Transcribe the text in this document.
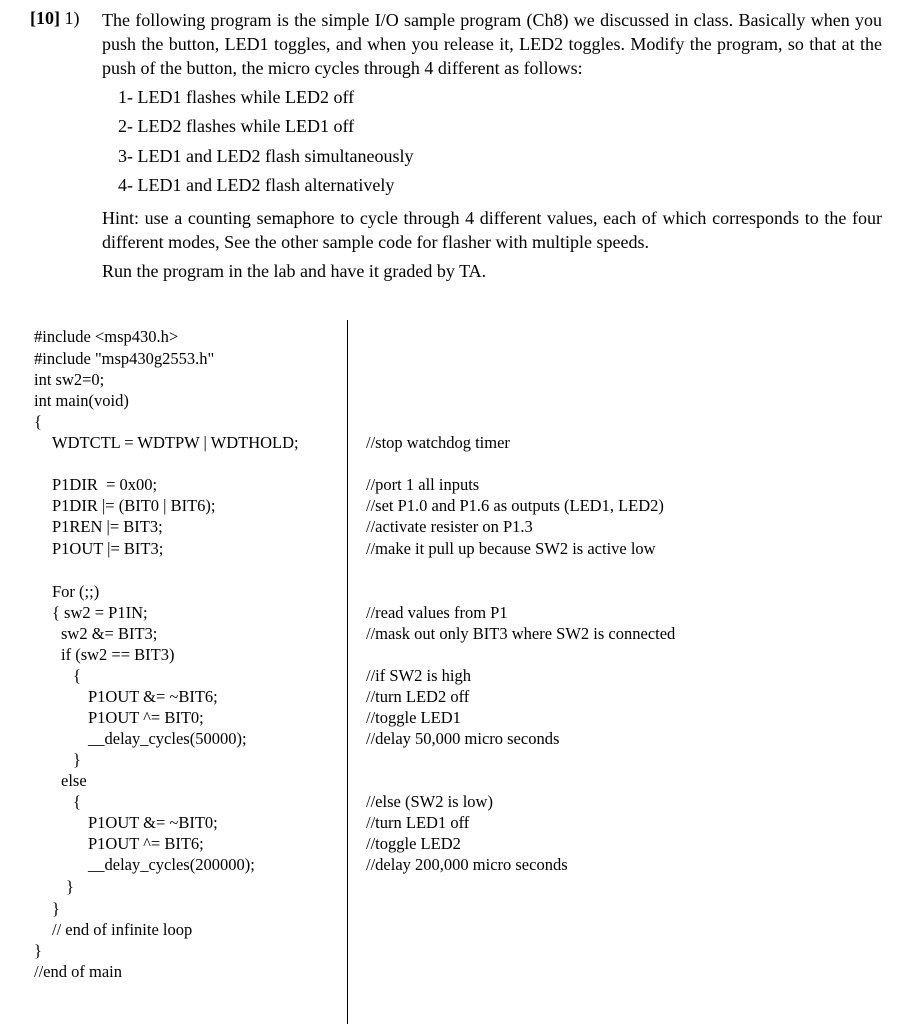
[10] 1) The following program is the simple I/O sample program (Ch8) we discussed in class. Basically when you push the button, LED1 toggles, and when you release it, LED2 toggles. Modify the program, so that at the push of the button, the micro cycles through 4 different as follows:
1- LED1 flashes while LED2 off
2- LED2 flashes while LED1 off
3- LED1 and LED2 flash simultaneously
4- LED1 and LED2 flash alternatively
Hint: use a counting semaphore to cycle through 4 different values, each of which corresponds to the four different modes, See the other sample code for flasher with multiple speeds.
Run the program in the lab and have it graded by TA.
#include <msp430.h>
#include "msp430g2553.h"
int sw2=0;
int main(void)
{
WDTCTL = WDTPW | WDTHOLD;
P1DIR  = 0x00;
P1DIR |= (BIT0 | BIT6);
P1REN |= BIT3;
P1OUT |= BIT3;
For (;;)
{ sw2 = P1IN;
sw2 &= BIT3;
if (sw2 == BIT3)
{
P1OUT &= ~BIT6;
P1OUT ^= BIT0;
__delay_cycles(50000);
}
else
{
P1OUT &= ~BIT0;
P1OUT ^= BIT6;
__delay_cycles(200000);
}
}
// end of infinite loop
}
//end of main
//stop watchdog timer
//port 1 all inputs
//set P1.0 and P1.6 as outputs (LED1, LED2)
//activate resister on P1.3
//make it pull up because SW2 is active low
//read values from P1
//mask out only BIT3 where SW2 is connected
//if SW2 is high
//turn LED2 off
//toggle LED1
//delay 50,000 micro seconds
//else (SW2 is low)
//turn LED1 off
//toggle LED2
//delay 200,000 micro seconds
